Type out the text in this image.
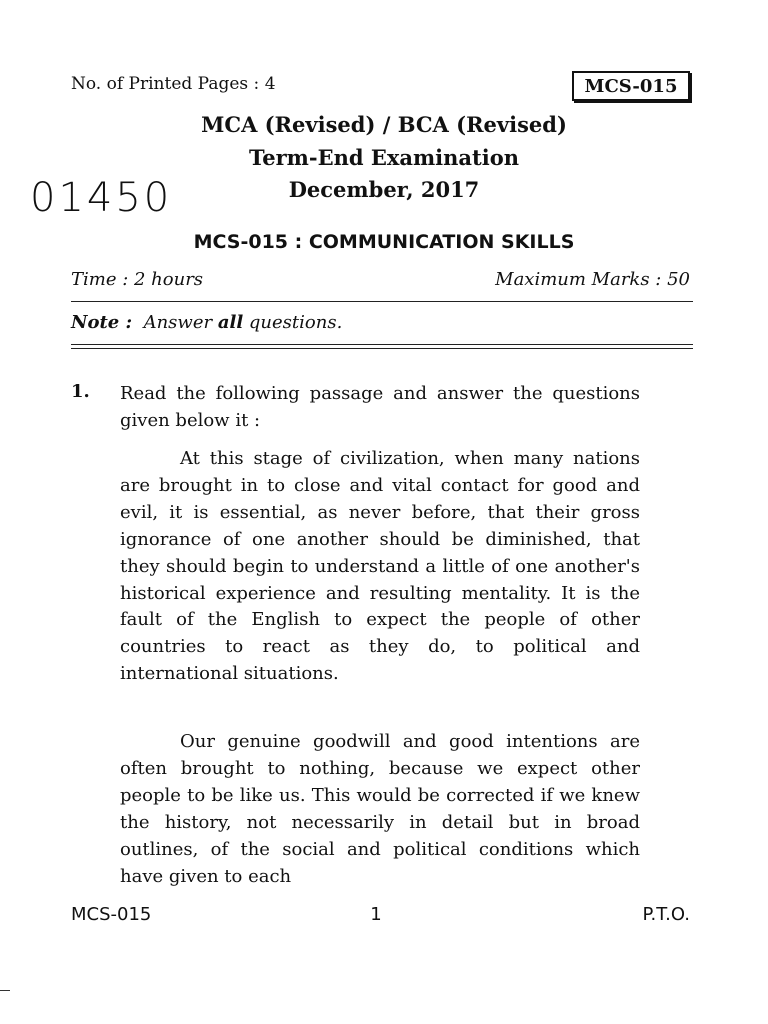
No. of Printed Pages : 4	MCS-015
MCA (Revised) / BCA (Revised)
Term-End Examination
01450	December, 2017
MCS-015 : COMMUNICATION SKILLS
Time : 2 hours	Maximum Marks : 50
Note : Answer all questions.
1. Read the following passage and answer the questions given below it :

At this stage of civilization, when many nations are brought in to close and vital contact for good and evil, it is essential, as never before, that their gross ignorance of one another should be diminished, that they should begin to understand a little of one another's historical experience and resulting mentality. It is the fault of the English to expect the people of other countries to react as they do, to political and international situations.

Our genuine goodwill and good intentions are often brought to nothing, because we expect other people to be like us. This would be corrected if we knew the history, not necessarily in detail but in broad outlines, of the social and political conditions which have given to each

MCS-015	1	P.T.O.
